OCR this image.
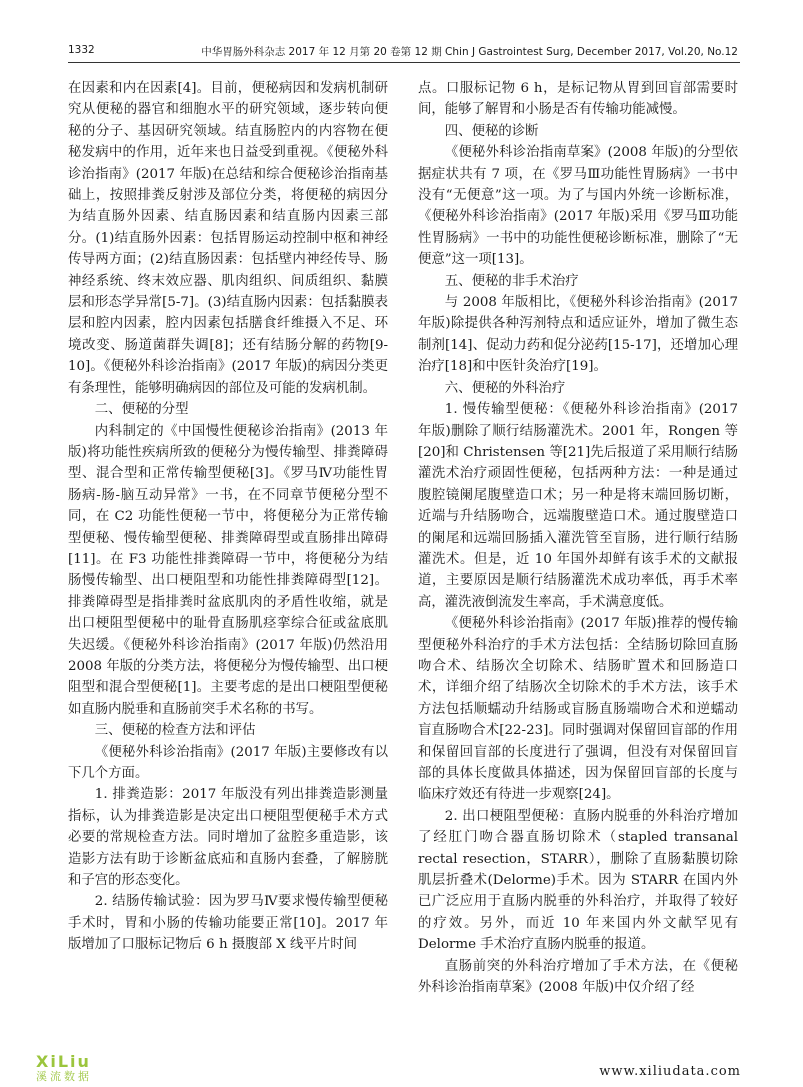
1332	中华胃肠外科杂志 2017 年 12 月第 20 卷第 12 期 Chin J Gastrointest Surg, December 2017, Vol.20, No.12

在因素和内在因素[4]。目前，便秘病因和发病机制研究从便秘的器官和细胞水平的研究领域，逐步转向便秘的分子、基因研究领域。结直肠腔内的内容物在便秘发病中的作用，近年来也日益受到重视。《便秘外科诊治指南》(2017 年版)在总结和综合便秘诊治指南基础上，按照排粪反射涉及部位分类，将便秘的病因分为结直肠外因素、结直肠因素和结直肠内因素三部分。(1)结直肠外因素：包括胃肠运动控制中枢和神经传导两方面；(2)结直肠因素：包括壁内神经传导、肠神经系统、终末效应器、肌肉组织、间质组织、黏膜层和形态学异常[5-7]。(3)结直肠内因素：包括黏膜表层和腔内因素，腔内因素包括膳食纤维摄入不足、环境改变、肠道菌群失调[8]；还有结肠分解的药物[9-10]。《便秘外科诊治指南》(2017 年版)的病因分类更有条理性，能够明确病因的部位及可能的发病机制。

二、便秘的分型

内科制定的《中国慢性便秘诊治指南》(2013 年版)将功能性疾病所致的便秘分为慢传输型、排粪障碍型、混合型和正常传输型便秘[3]。《罗马Ⅳ功能性胃肠病-肠-脑互动异常》一书，在不同章节便秘分型不同，在 C2 功能性便秘一节中，将便秘分为正常传输型便秘、慢传输型便秘、排粪障碍型或直肠排出障碍[11]。在 F3 功能性排粪障碍一节中，将便秘分为结肠慢传输型、出口梗阻型和功能性排粪障碍型[12]。排粪障碍型是指排粪时盆底肌肉的矛盾性收缩，就是出口梗阻型便秘中的耻骨直肠肌痉挛综合征或盆底肌失迟缓。《便秘外科诊治指南》(2017 年版)仍然沿用 2008 年版的分类方法，将便秘分为慢传输型、出口梗阻型和混合型便秘[1]。主要考虑的是出口梗阻型便秘如直肠内脱垂和直肠前突手术名称的书写。

三、便秘的检查方法和评估

《便秘外科诊治指南》(2017 年版)主要修改有以下几个方面。

1. 排粪造影：2017 年版没有列出排粪造影测量指标，认为排粪造影是决定出口梗阻型便秘手术方式必要的常规检查方法。同时增加了盆腔多重造影，该造影方法有助于诊断盆底疝和直肠内套叠，了解膀胱和子宫的形态变化。

2. 结肠传输试验：因为罗马Ⅳ要求慢传输型便秘手术时，胃和小肠的传输功能要正常[10]。2017 年版增加了口服标记物后 6 h 摄腹部 X 线平片时间

点。口服标记物 6 h，是标记物从胃到回盲部需要时间，能够了解胃和小肠是否有传输功能减慢。

四、便秘的诊断

《便秘外科诊治指南草案》(2008 年版)的分型依据症状共有 7 项，在《罗马Ⅲ功能性胃肠病》一书中没有“无便意”这一项。为了与国内外统一诊断标准，《便秘外科诊治指南》(2017 年版)采用《罗马Ⅲ功能性胃肠病》一书中的功能性便秘诊断标准，删除了“无便意”这一项[13]。

五、便秘的非手术治疗

与 2008 年版相比，《便秘外科诊治指南》(2017 年版)除提供各种泻剂特点和适应证外，增加了微生态制剂[14]、促动力药和促分泌药[15-17]，还增加心理治疗[18]和中医针灸治疗[19]。

六、便秘的外科治疗

1. 慢传输型便秘：《便秘外科诊治指南》(2017 年版)删除了顺行结肠灌洗术。2001 年，Rongen 等[20]和 Christensen 等[21]先后报道了采用顺行结肠灌洗术治疗顽固性便秘，包括两种方法：一种是通过腹腔镜阑尾腹壁造口术；另一种是将末端回肠切断，近端与升结肠吻合，远端腹壁造口术。通过腹壁造口的阑尾和远端回肠插入灌洗管至盲肠，进行顺行结肠灌洗术。但是，近 10 年国外却鲜有该手术的文献报道，主要原因是顺行结肠灌洗术成功率低，再手术率高，灌洗液倒流发生率高，手术满意度低。

《便秘外科诊治指南》(2017 年版)推荐的慢传输型便秘外科治疗的手术方法包括：全结肠切除回直肠吻合术、结肠次全切除术、结肠旷置术和回肠造口术，详细介绍了结肠次全切除术的手术方法，该手术方法包括顺蠕动升结肠或盲肠直肠端吻合术和逆蠕动盲直肠吻合术[22-23]。同时强调对保留回盲部的作用和保留回盲部的长度进行了强调，但没有对保留回盲部的具体长度做具体描述，因为保留回盲部的长度与临床疗效还有待进一步观察[24]。

2. 出口梗阻型便秘：直肠内脱垂的外科治疗增加了经肛门吻合器直肠切除术（stapled transanal rectal resection，STARR），删除了直肠黏膜切除肌层折叠术(Delorme)手术。因为 STARR 在国内外已广泛应用于直肠内脱垂的外科治疗，并取得了较好的疗效。另外，而近 10 年来国内外文献罕见有 Delorme 手术治疗直肠内脱垂的报道。

直肠前突的外科治疗增加了手术方法，在《便秘外科诊治指南草案》(2008 年版)中仅介绍了经

XiLiu
溪流数据	www.xiliudata.com
